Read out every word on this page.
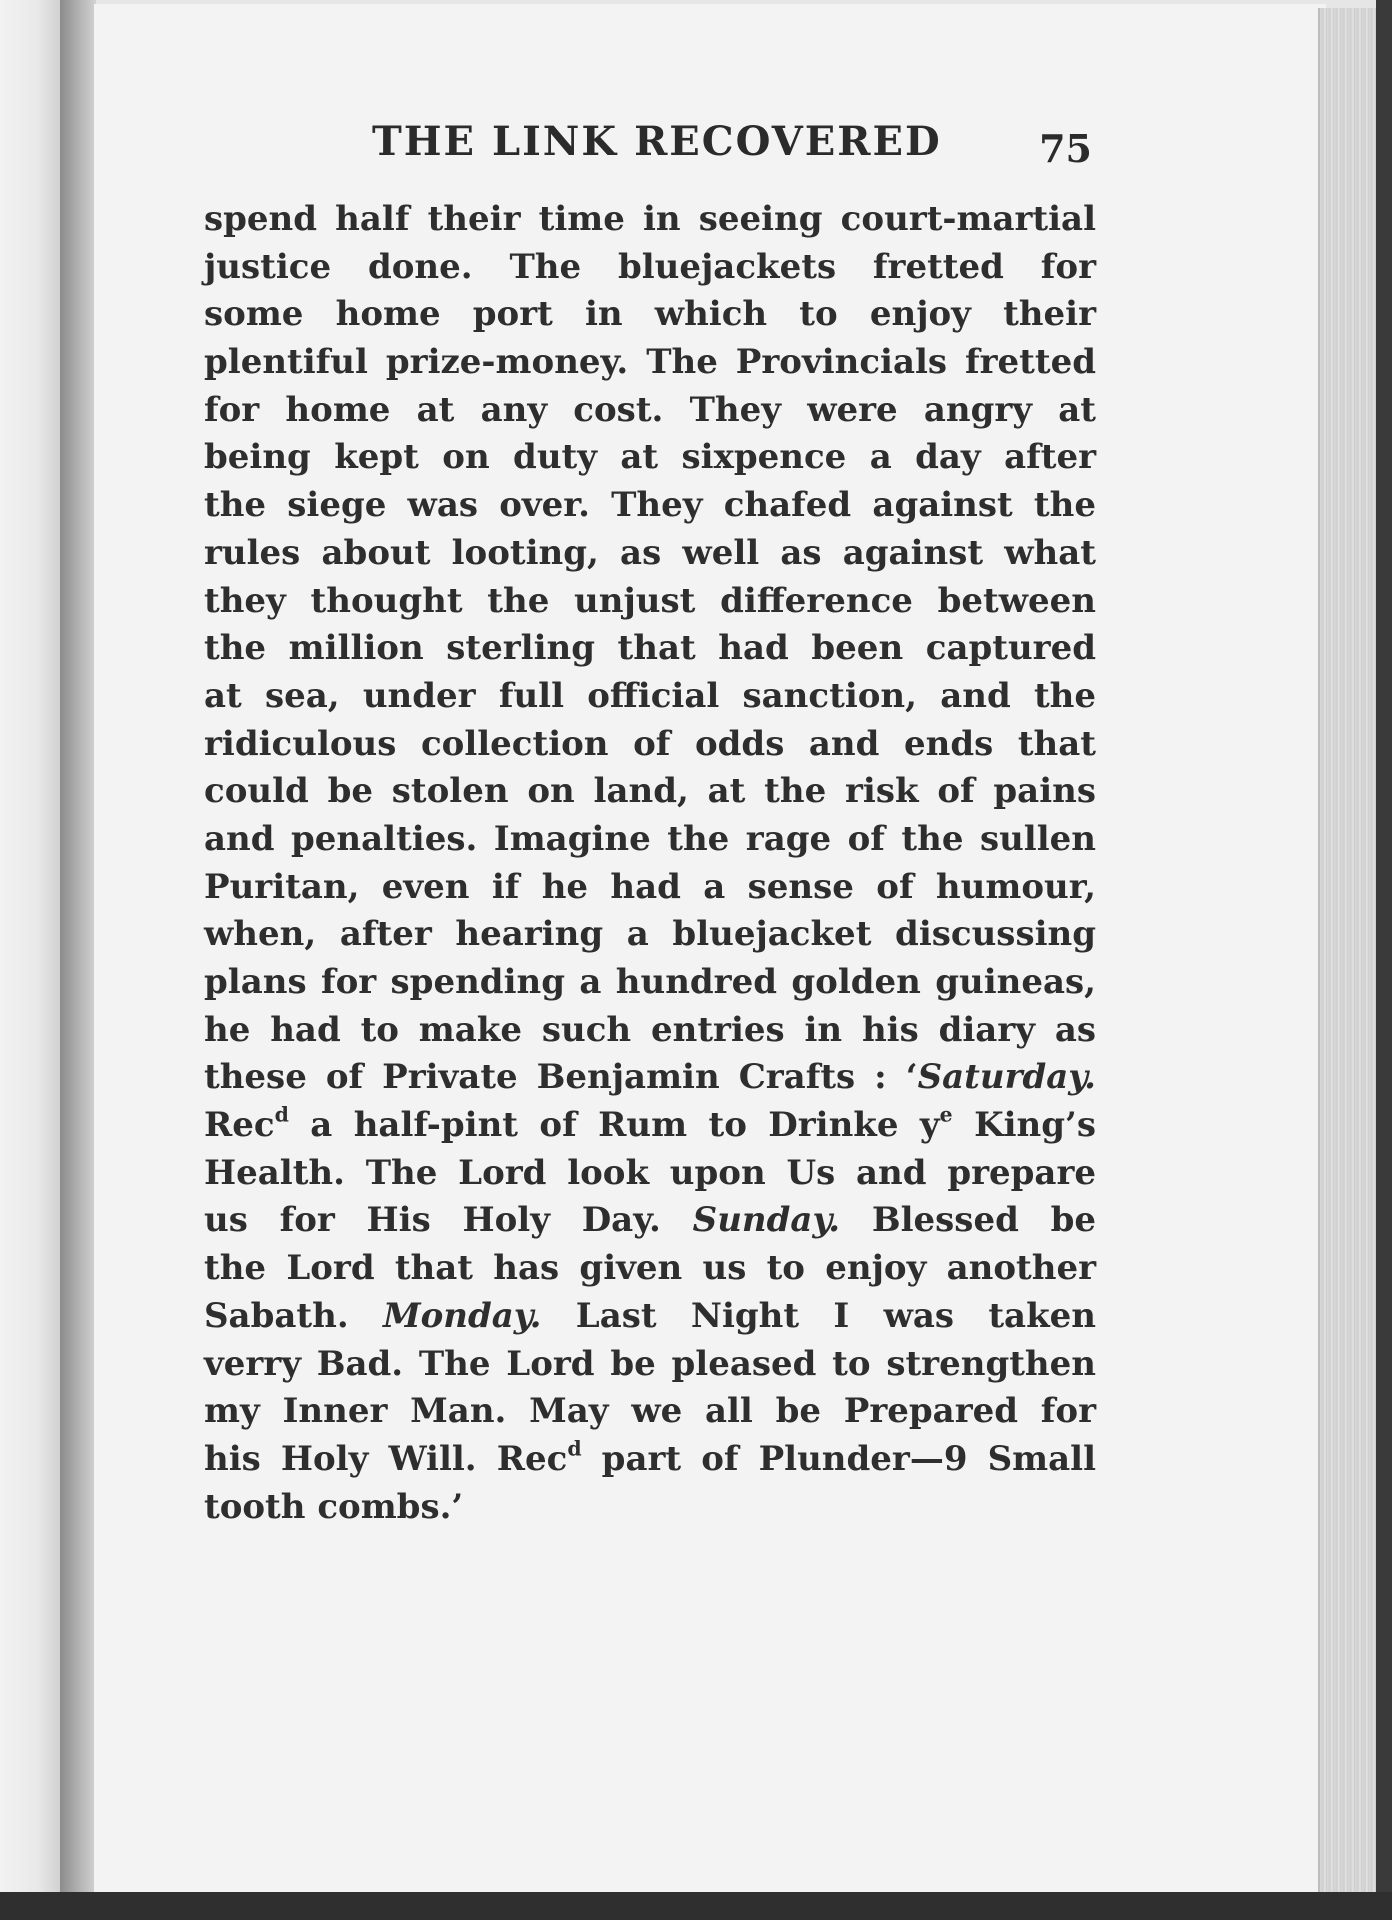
THE LINK RECOVERED	75
spend half their time in seeing court-martial
justice done. The bluejackets fretted for
some home port in which to enjoy their
plentiful prize-money. The Provincials fretted
for home at any cost. They were angry at
being kept on duty at sixpence a day after
the siege was over. They chafed against the
rules about looting, as well as against what
they thought the unjust difference between
the million sterling that had been captured
at sea, under full official sanction, and the
ridiculous collection of odds and ends that
could be stolen on land, at the risk of pains
and penalties. Imagine the rage of the sullen
Puritan, even if he had a sense of humour,
when, after hearing a bluejacket discussing
plans for spending a hundred golden guineas,
he had to make such entries in his diary as
these of Private Benjamin Crafts : ‘Saturday.
Rec$^d$ a half-pint of Rum to Drinke $y^e$ King’s
Health. The Lord look upon Us and prepare
us for His Holy Day. Sunday. Blessed be
the Lord that has given us to enjoy another
Sabath. Monday. Last Night I was taken
verry Bad. The Lord be pleased to strengthen
my Inner Man. May we all be Prepared for
his Holy Will. Rec$^d$ part of Plunder—9 Small
tooth combs.’
